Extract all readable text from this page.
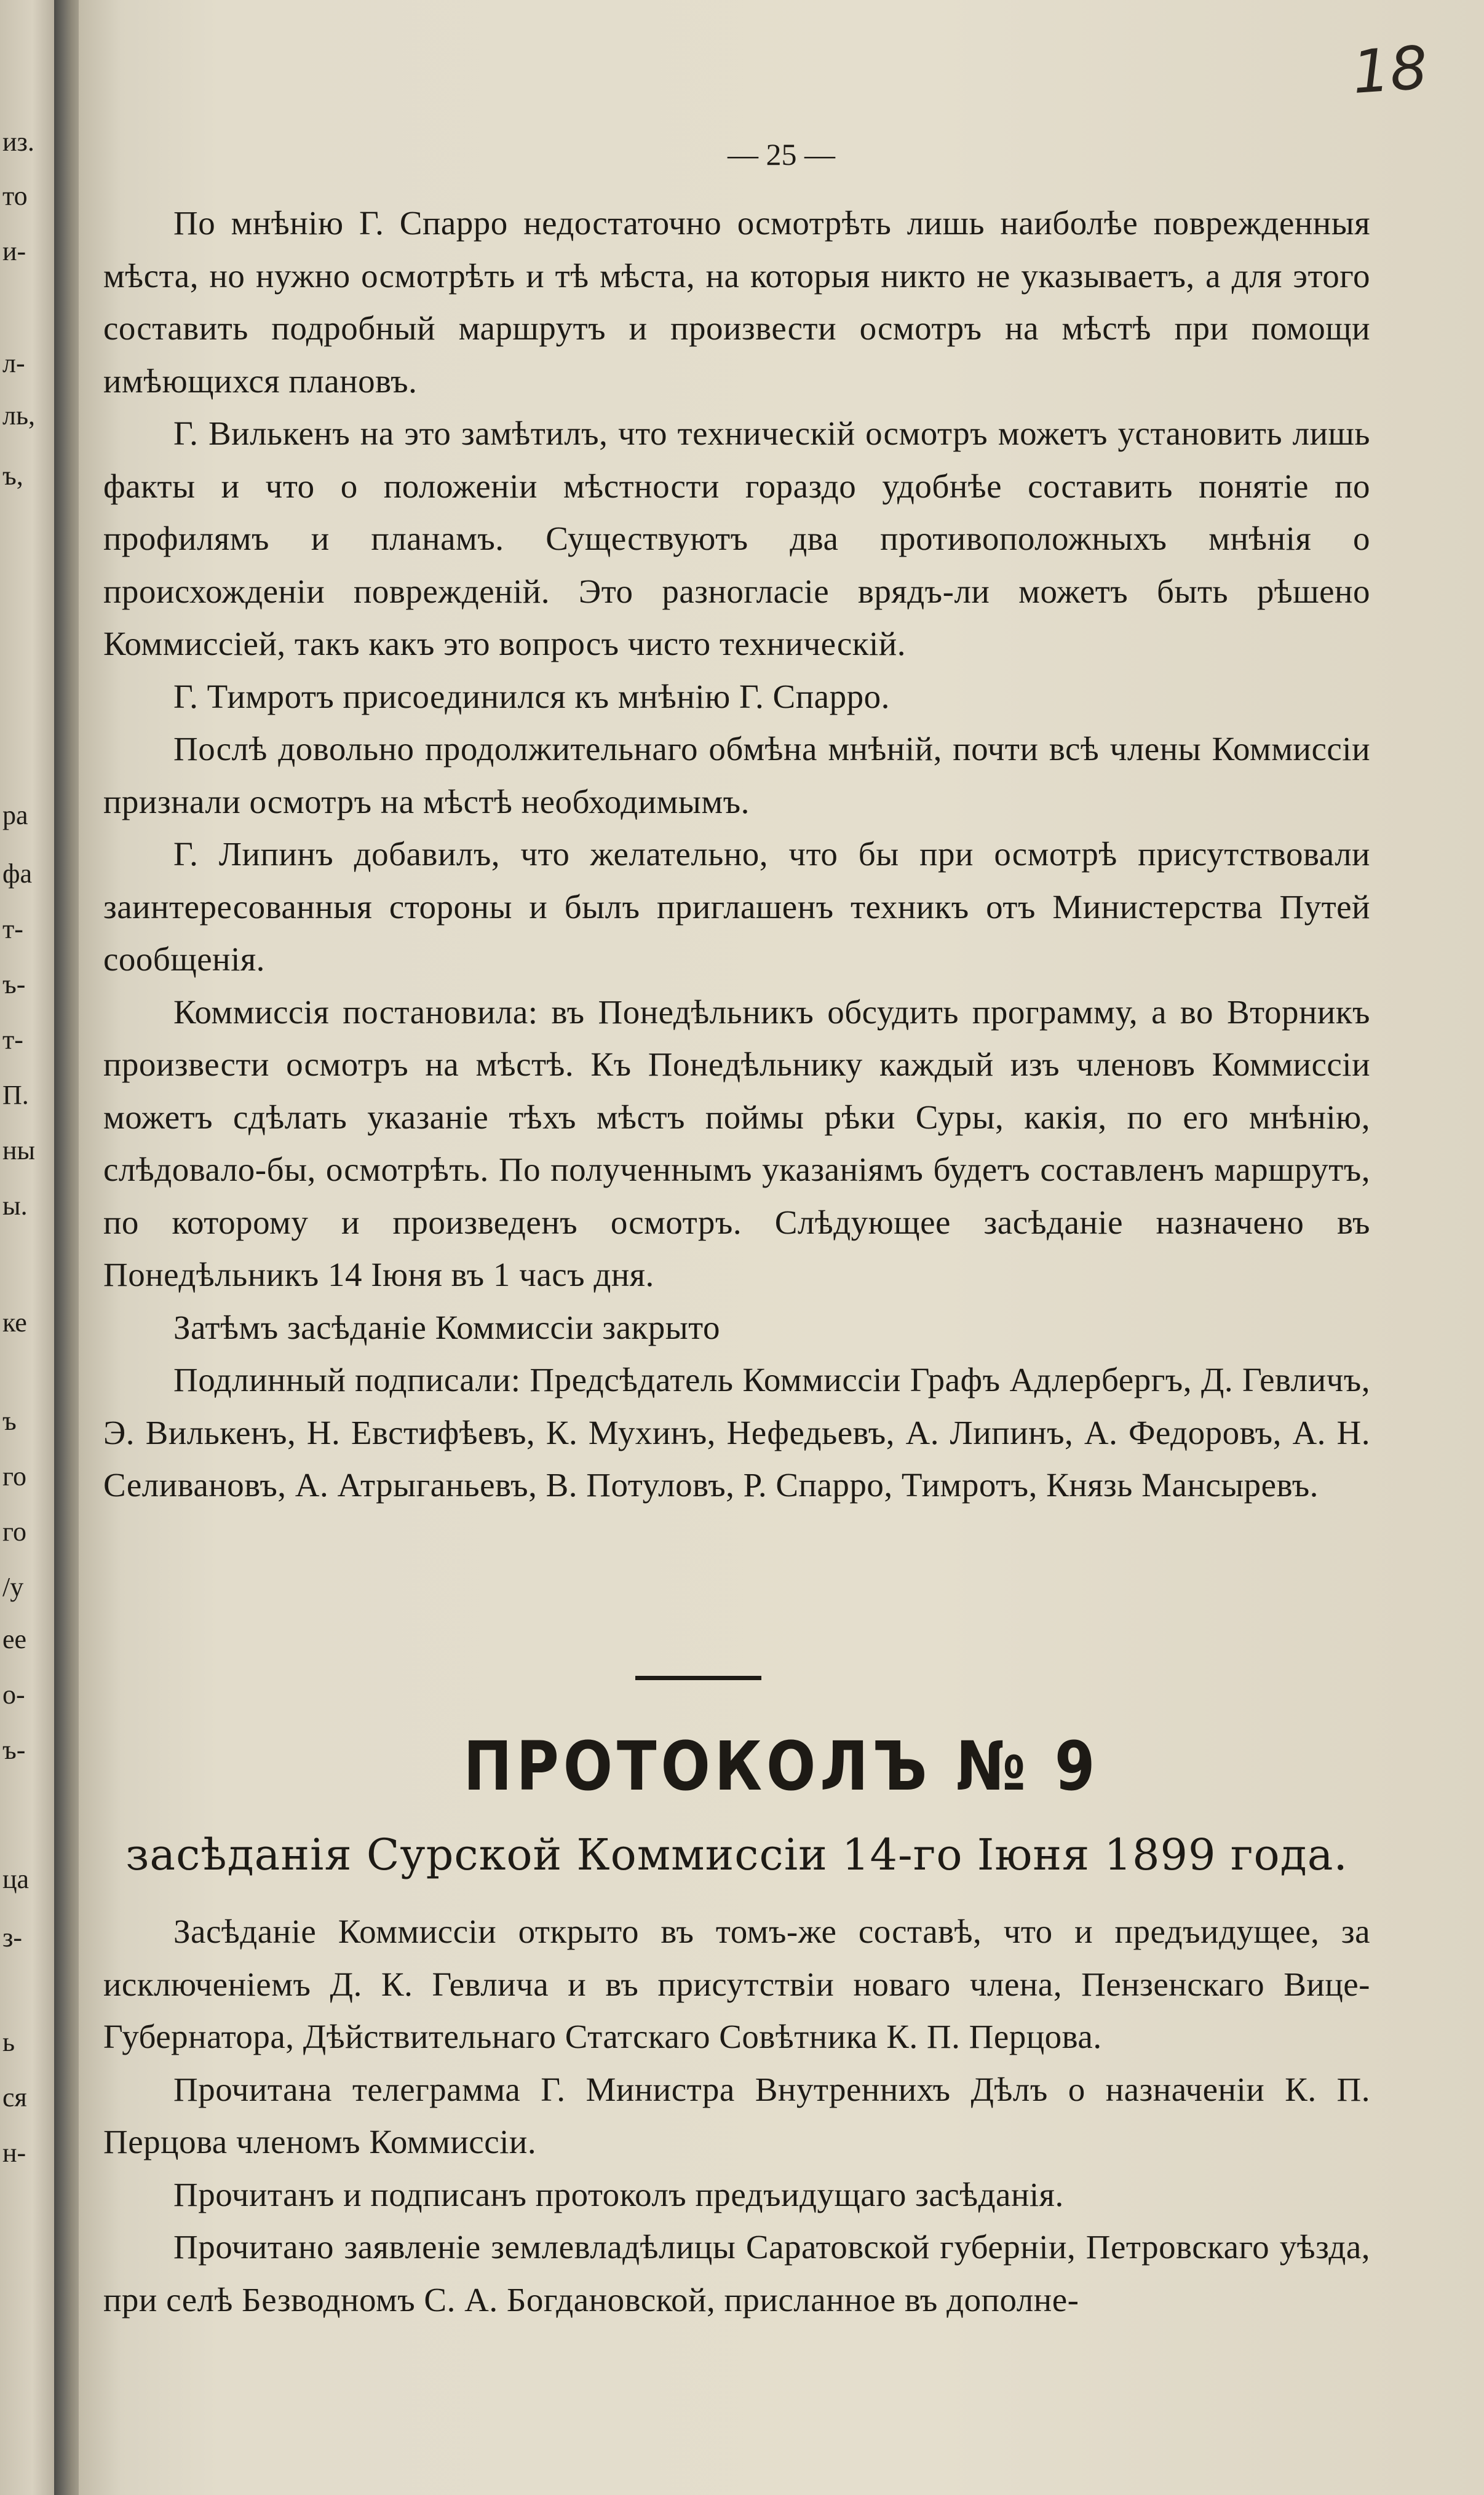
из.
то
и-
л-
ль,
ъ,
ра
фа
т-
ъ-
т-
П.
ны
ы.
ке
ъ
го
го
/у
ее
о-
ъ-
ца
з-
ь
ся
н-
18
— 25 —

По мнѣнію Г. Спарро недостаточно осмотрѣть лишь наиболѣе поврежденныя мѣста, но нужно осмотрѣть и тѣ мѣста, на которыя никто не указываетъ, а для этого составить подробный маршрутъ и произвести осмотръ на мѣстѣ при помощи имѣющихся плановъ.

Г. Вилькенъ на это замѣтилъ, что техническій осмотръ можетъ установить лишь факты и что о положеніи мѣстности гораздо удобнѣе составить понятіе по профилямъ и планамъ. Существуютъ два противоположныхъ мнѣнія о происхожденіи поврежденій. Это разногласіе врядъ-ли можетъ быть рѣшено Коммиссіей, такъ какъ это вопросъ чисто техническій.

Г. Тимротъ присоединился къ мнѣнію Г. Спарро.

Послѣ довольно продолжительнаго обмѣна мнѣній, почти всѣ члены Коммиссіи признали осмотръ на мѣстѣ необходимымъ.

Г. Липинъ добавилъ, что желательно, что бы при осмотрѣ присутствовали заинтересованныя стороны и былъ приглашенъ техникъ отъ Министерства Путей сообщенія.

Коммиссія постановила: въ Понедѣльникъ обсудить программу, а во Вторникъ произвести осмотръ на мѣстѣ. Къ Понедѣльнику каждый изъ членовъ Коммиссіи можетъ сдѣлать указаніе тѣхъ мѣстъ поймы рѣки Суры, какія, по его мнѣнію, слѣдовало-бы, осмотрѣть. По полученнымъ указаніямъ будетъ составленъ маршрутъ, по которому и произведенъ осмотръ. Слѣдующее засѣданіе назначено въ Понедѣльникъ 14 Іюня въ 1 часъ дня.

Затѣмъ засѣданіе Коммиссіи закрыто

Подлинный подписали: Предсѣдатель Коммиссіи Графъ Адлербергъ, Д. Гевличъ, Э. Вилькенъ, Н. Евстифѣевъ, К. Мухинъ, Нефедьевъ, А. Липинъ, А. Федоровъ, А. Н. Селивановъ, А. Атрыганьевъ, В. Потуловъ, Р. Спарро, Тимротъ, Князь Мансыревъ.

ПРОТОКОЛЪ № 9
засѣданія Сурской Коммиссіи 14-го Іюня 1899 года.

Засѣданіе Коммиссіи открыто въ томъ-же составѣ, что и предъидущее, за исключеніемъ Д. К. Гевлича и въ присутствіи новаго члена, Пензенскаго Вице-Губернатора, Дѣйствительнаго Статскаго Совѣтника К. П. Перцова.

Прочитана телеграмма Г. Министра Внутреннихъ Дѣлъ о назначеніи К. П. Перцова членомъ Коммиссіи.

Прочитанъ и подписанъ протоколъ предъидущаго засѣданія.

Прочитано заявленіе землевладѣлицы Саратовской губерніи, Петровскаго уѣзда, при селѣ Безводномъ С. А. Богдановской, присланное въ дополне-
